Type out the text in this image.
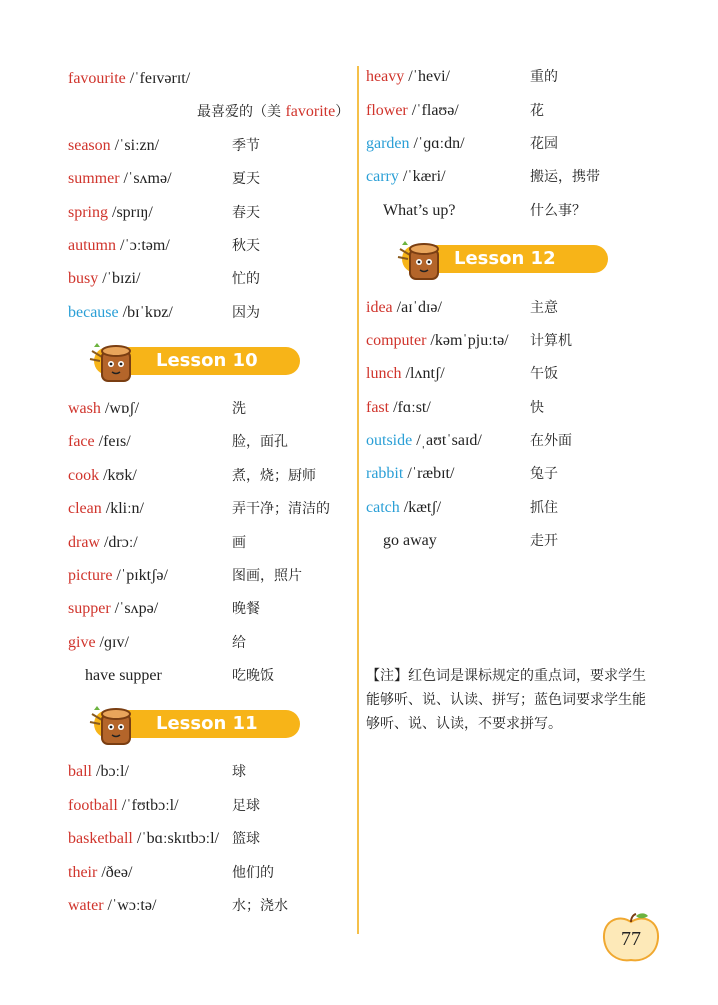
favourite /ˈfeɪvərɪt/
最喜爱的（美 favorite）
season /ˈsiːzn/	季节
summer /ˈsʌmə/	夏天
spring /sprɪŋ/	春天
autumn /ˈɔːtəm/	秋天
busy /ˈbɪzi/	忙的
because /bɪˈkɒz/	因为
Lesson 10
wash /wɒʃ/	洗
face /feɪs/	脸，面孔
cook /kʊk/	煮，烧；厨师
clean /kliːn/	弄干净；清洁的
draw /drɔː/	画
picture /ˈpɪktʃə/	图画，照片
supper /ˈsʌpə/	晚餐
give /ɡɪv/	给
have supper	吃晚饭
Lesson 11
ball /bɔːl/	球
football /ˈfʊtbɔːl/	足球
basketball /ˈbɑːskɪtbɔːl/ 篮球
their /ðeə/	他们的
water /ˈwɔːtə/	水；浇水
heavy /ˈhevi/	重的
flower /ˈflaʊə/	花
garden /ˈɡɑːdn/	花园
carry /ˈkæri/	搬运，携带
What’s up?	什么事？
Lesson 12
idea /aɪˈdɪə/	主意
computer /kəmˈpjuːtə/ 计算机
lunch /lʌntʃ/	午饭
fast /fɑːst/	快
outside /ˌaʊtˈsaɪd/	在外面
rabbit /ˈræbɪt/	兔子
catch /kætʃ/	抓住
go away	走开
【注】红色词是课标规定的重点词，要求学生能够听、说、认读、拼写；蓝色词要求学生能够听、说、认读，不要求拼写。
77
